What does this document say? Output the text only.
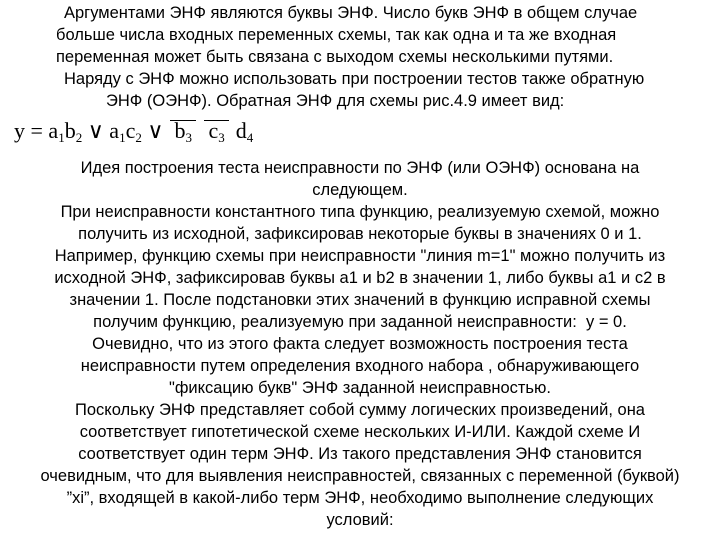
Аргументами ЭНФ являются буквы ЭНФ. Число букв ЭНФ в общем случае
больше числа входных переменных схемы, так как одна и та же входная
переменная может быть связана с выходом схемы несколькими путями.
Наряду с ЭНФ можно использовать при построении тестов также обратную
ЭНФ (ОЭНФ). Обратная ЭНФ для схемы рис.4.9 имеет вид:
$y = a_1b_2$ ∨ $a_1c_2$ ∨ $b_3$ $c_3$ $d_4$
Идея построения теста неисправности по ЭНФ (или ОЭНФ) основана на
следующем.
При неисправности константного типа функцию, реализуемую схемой, можно
получить из исходной, зафиксировав некоторые буквы в значениях 0 и 1.
Например, функцию схемы при неисправности "линия m=1" можно получить из
исходной ЭНФ, зафиксировав буквы а1 и b2 в значении 1, либо буквы а1 и с2 в
значении 1. После подстановки этих значений в функцию исправной схемы
получим функцию, реализуемую при заданной неисправности:  у = 0.
Очевидно, что из этого факта следует возможность построения теста
неисправности путем определения входного набора , обнаруживающего
"фиксацию букв" ЭНФ заданной неисправностью.
Поскольку ЭНФ представляет собой сумму логических произведений, она
соответствует гипотетической схеме нескольких И-ИЛИ. Каждой схеме И
соответствует один терм ЭНФ. Из такого представления ЭНФ становится
очевидным, что для выявления неисправностей, связанных с переменной (буквой)
”xi”, входящей в какой-либо терм ЭНФ, необходимо выполнение следующих
условий:
